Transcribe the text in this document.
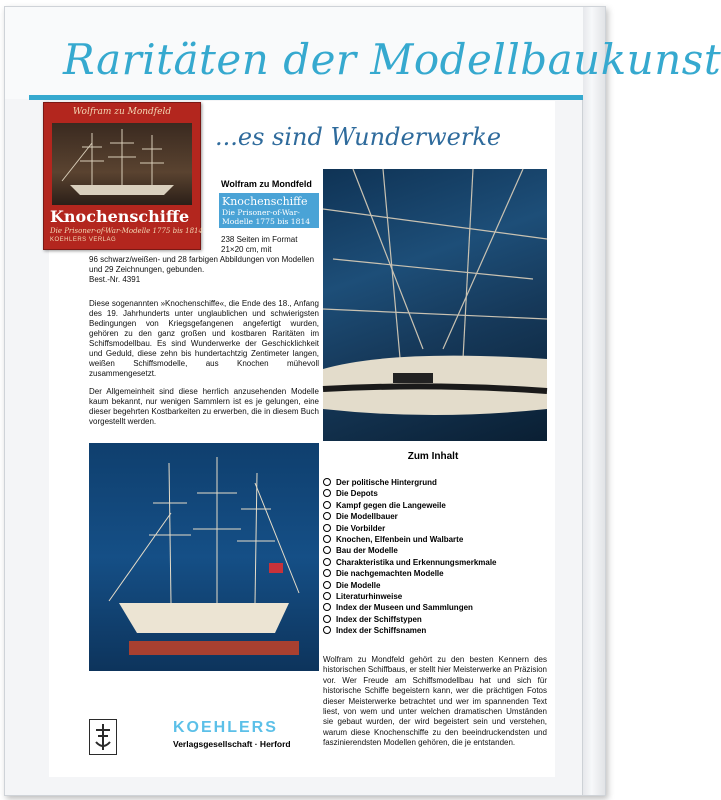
Raritäten der Modellbaukunst
Wolfram zu Mondfeld
Knochenschiffe
Die Prisoner-of-War-Modelle 1775 bis 1814
KOEHLERS VERLAG
...es sind Wunderwerke
Wolfram zu Mondfeld
Knochenschiffe
Die Prisoner-of-War-Modelle 1775 bis 1814
238 Seiten im Format 21×20 cm, mit
96 schwarz/weißen- und 28 farbigen Abbildungen von Modellen und 29 Zeichnungen, gebunden.
Best.-Nr. 4391
Diese sogenannten »Knochenschiffe«, die Ende des 18., Anfang des 19. Jahrhunderts unter unglaublichen und schwierigsten Bedingungen von Kriegsgefangenen angefertigt wurden, gehören zu den ganz großen und kostbaren Raritäten im Schiffsmodellbau. Es sind Wunderwerke der Geschicklichkeit und Geduld, diese zehn bis hundertachtzig Zentimeter langen, weißen Schiffsmodelle, aus Knochen mühevoll zusammengesetzt.
Der Allgemeinheit sind diese herrlich anzusehenden Modelle kaum bekannt, nur wenigen Sammlern ist es je gelungen, eine dieser begehrten Kostbarkeiten zu erwerben, die in diesem Buch vorgestellt werden.
Zum Inhalt
Der politische Hintergrund
Die Depots
Kampf gegen die Langeweile
Die Modellbauer
Die Vorbilder
Knochen, Elfenbein und Walbarte
Bau der Modelle
Charakteristika und Erkennungsmerkmale
Die nachgemachten Modelle
Die Modelle
Literaturhinweise
Index der Museen und Sammlungen
Index der Schiffstypen
Index der Schiffsnamen
Wolfram zu Mondfeld gehört zu den besten Kennern des historischen Schiffbaus, er stellt hier Meisterwerke an Präzision vor. Wer Freude am Schiffsmodellbau hat und sich für historische Schiffe begeistern kann, wer die prächtigen Fotos dieser Meisterwerke betrachtet und wer im spannenden Text liest, von wem und unter welchen dramatischen Umständen sie gebaut wurden, der wird begeistert sein und verstehen, warum diese Knochenschiffe zu den beeindruckendsten und faszinierendsten Modellen gehören, die je entstanden.
KOEHLERS
Verlagsgesellschaft · Herford
